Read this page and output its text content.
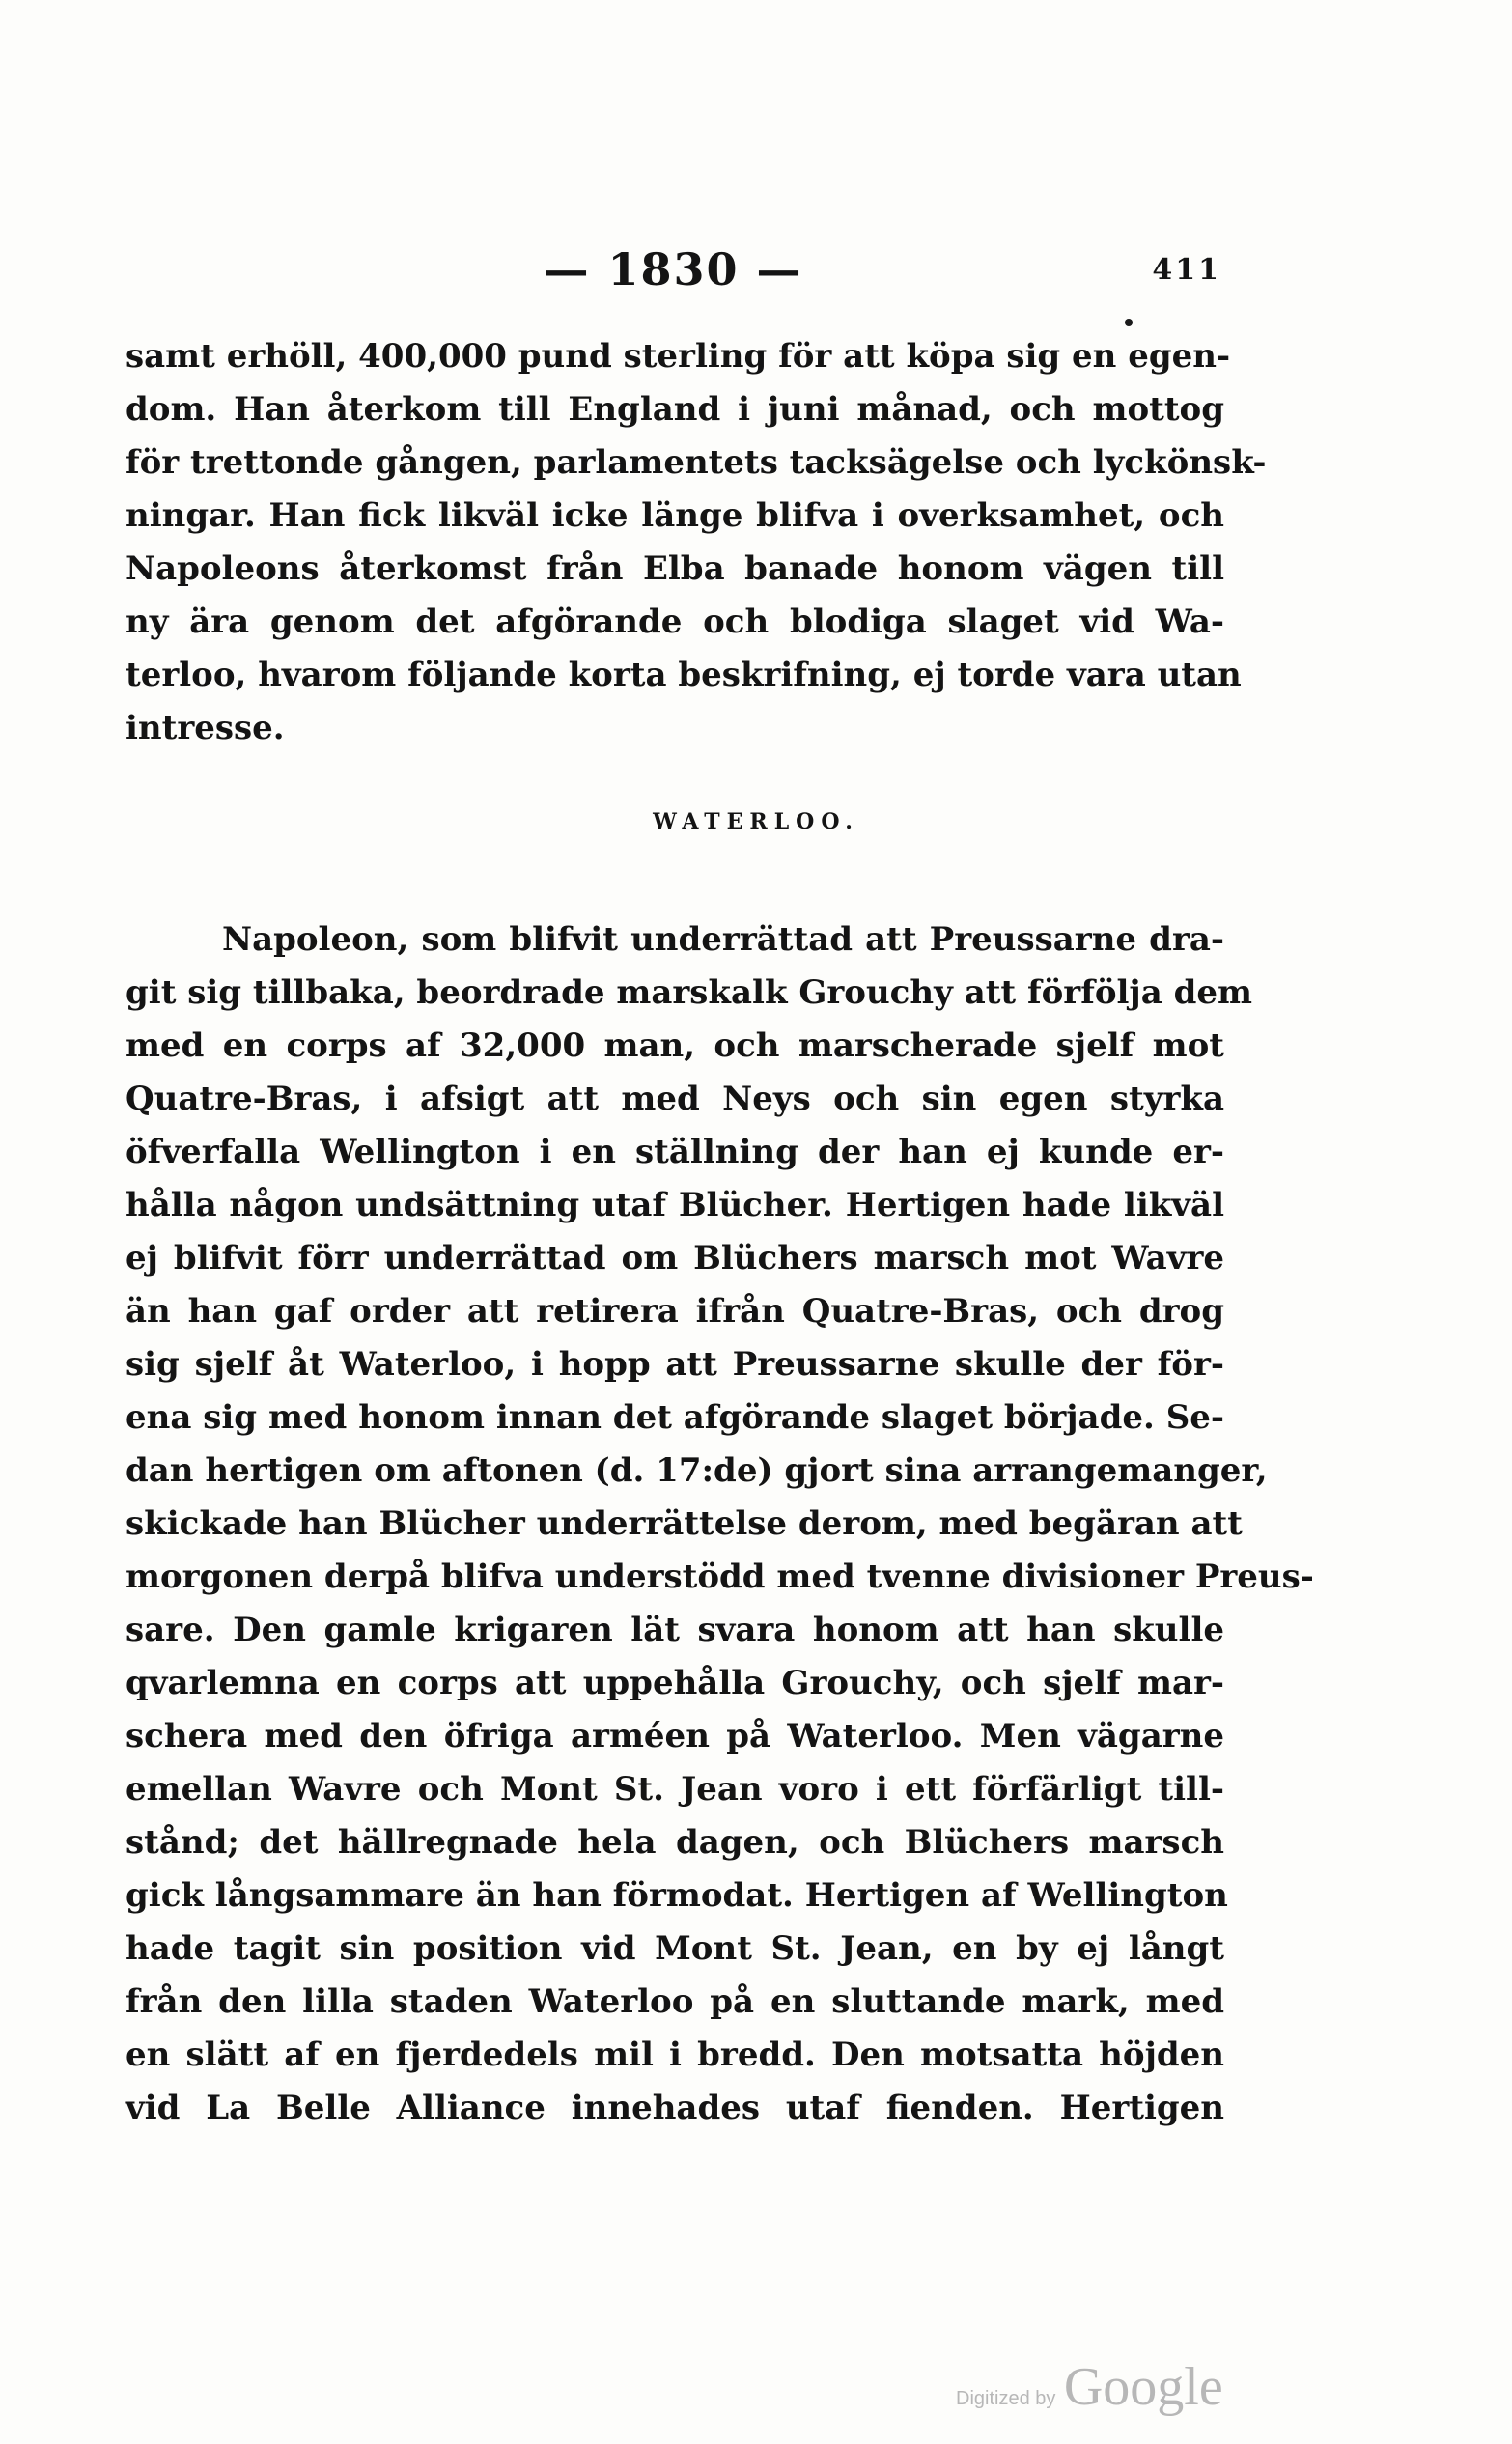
— 1830 —	411
samt erhöll, 400,000 pund sterling för att köpa sig en egen-
dom. Han återkom till England i juni månad, och mottog
för trettonde gången, parlamentets tacksägelse och lyckönsk-
ningar. Han fick likväl icke länge blifva i overksamhet, och
Napoleons återkomst från Elba banade honom vägen till
ny ära genom det afgörande och blodiga slaget vid Wa-
terloo, hvarom följande korta beskrifning, ej torde vara utan
intresse.
WATERLOO.
Napoleon, som blifvit underrättad att Preussarne dra-
git sig tillbaka, beordrade marskalk Grouchy att förfölja dem
med en corps af 32,000 man, och marscherade sjelf mot
Quatre-Bras, i afsigt att med Neys och sin egen styrka
öfverfalla Wellington i en ställning der han ej kunde er-
hålla någon undsättning utaf Blücher. Hertigen hade likväl
ej blifvit förr underrättad om Blüchers marsch mot Wavre
än han gaf order att retirera ifrån Quatre-Bras, och drog
sig sjelf åt Waterloo, i hopp att Preussarne skulle der för-
ena sig med honom innan det afgörande slaget började. Se-
dan hertigen om aftonen (d. 17:de) gjort sina arrangemanger,
skickade han Blücher underrättelse derom, med begäran att
morgonen derpå blifva understödd med tvenne divisioner Preus-
sare. Den gamle krigaren lät svara honom att han skulle
qvarlemna en corps att uppehålla Grouchy, och sjelf mar-
schera med den öfriga arméen på Waterloo. Men vägarne
emellan Wavre och Mont St. Jean voro i ett förfärligt till-
stånd; det hällregnade hela dagen, och Blüchers marsch
gick långsammare än han förmodat. Hertigen af Wellington
hade tagit sin position vid Mont St. Jean, en by ej långt
från den lilla staden Waterloo på en sluttande mark, med
en slätt af en fjerdedels mil i bredd. Den motsatta höjden
vid La Belle Alliance innehades utaf fienden. Hertigen
Digitized by Google
